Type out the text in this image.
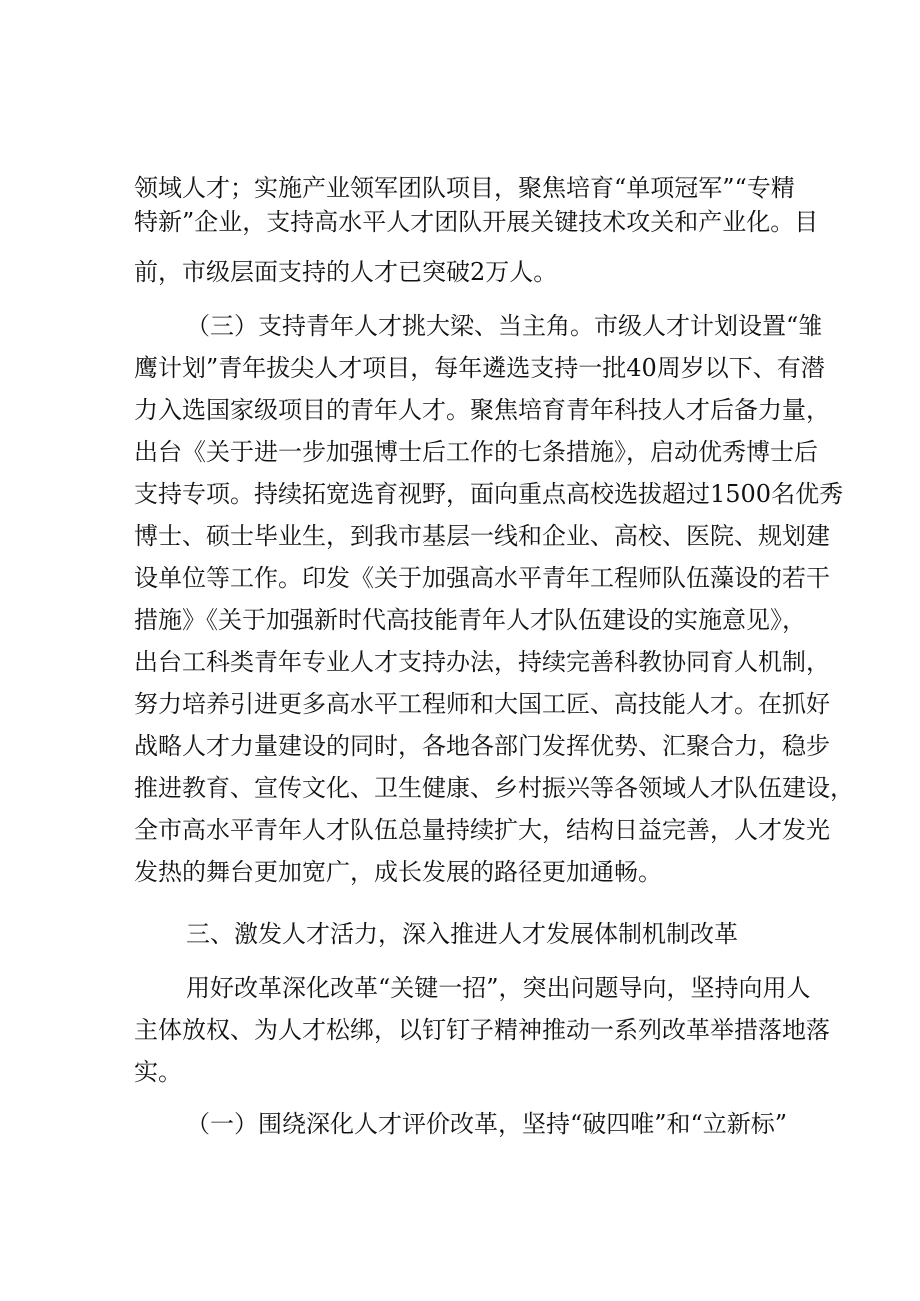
领域人才；实施产业领军团队项目，聚焦培育“单项冠军”“专精
特新”企业，支持高水平人才团队开展关键技术攻关和产业化。目
前，市级层面支持的人才已突破2万人。
（三）支持青年人才挑大梁、当主角。市级人才计划设置“雏
鹰计划”青年拔尖人才项目，每年遴选支持一批40周岁以下、有潜
力入选国家级项目的青年人才。聚焦培育青年科技人才后备力量，
出台《关于进一步加强博士后工作的七条措施》，启动优秀博士后
支持专项。持续拓宽选育视野，面向重点高校选拔超过1500名优秀
博士、硕士毕业生，到我市基层一线和企业、高校、医院、规划建
设单位等工作。印发《关于加强高水平青年工程师队伍藻设的若干
措施》《关于加强新时代高技能青年人才队伍建设的实施意见》，
出台工科类青年专业人才支持办法，持续完善科教协同育人机制，
努力培养引进更多高水平工程师和大国工匠、高技能人才。在抓好
战略人才力量建设的同时，各地各部门发挥优势、汇聚合力，稳步
推进教育、宣传文化、卫生健康、乡村振兴等各领域人才队伍建设，
全市高水平青年人才队伍总量持续扩大，结构日益完善，人才发光
发热的舞台更加宽广，成长发展的路径更加通畅。
三、激发人才活力，深入推进人才发展体制机制改革
用好改革深化改革“关键一招”，突出问题导向，坚持向用人
主体放权、为人才松绑，以钉钉子精神推动一系列改革举措落地落
实。
（一）围绕深化人才评价改革，坚持“破四唯”和“立新标”
